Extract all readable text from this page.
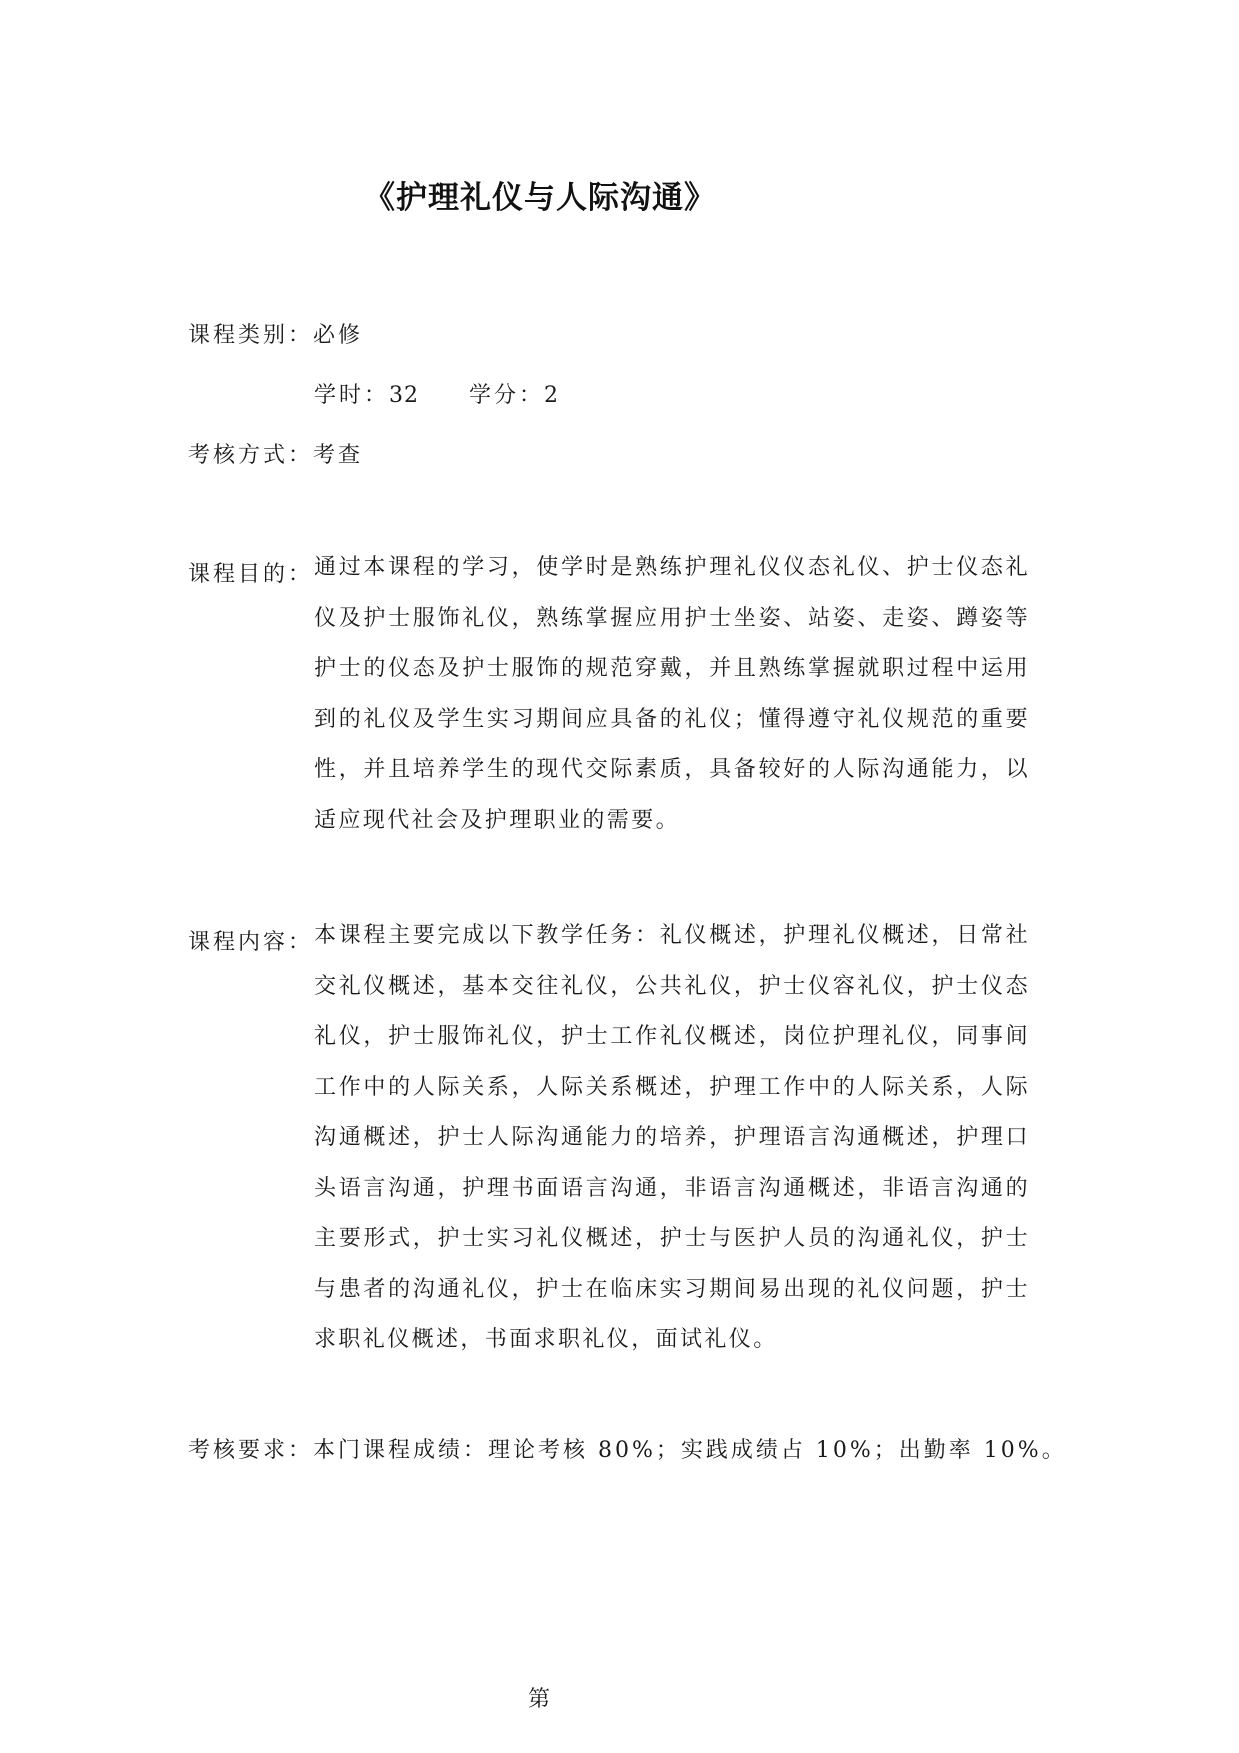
《护理礼仪与人际沟通》
课程类别：必修
学时：32 学分：2
考核方式：考查
课程目的： 通过本课程的学习，使学时是熟练护理礼仪仪态礼仪、护士仪态礼仪及护士服饰礼仪，熟练掌握应用护士坐姿、站姿、走姿、蹲姿等护士的仪态及护士服饰的规范穿戴，并且熟练掌握就职过程中运用到的礼仪及学生实习期间应具备的礼仪；懂得遵守礼仪规范的重要性，并且培养学生的现代交际素质，具备较好的人际沟通能力，以适应现代社会及护理职业的需要。
课程内容： 本课程主要完成以下教学任务：礼仪概述，护理礼仪概述，日常社交礼仪概述，基本交往礼仪，公共礼仪，护士仪容礼仪，护士仪态礼仪，护士服饰礼仪，护士工作礼仪概述，岗位护理礼仪，同事间工作中的人际关系，人际关系概述，护理工作中的人际关系，人际沟通概述，护士人际沟通能力的培养，护理语言沟通概述，护理口头语言沟通，护理书面语言沟通，非语言沟通概述，非语言沟通的主要形式，护士实习礼仪概述，护士与医护人员的沟通礼仪，护士与患者的沟通礼仪，护士在临床实习期间易出现的礼仪问题，护士求职礼仪概述，书面求职礼仪，面试礼仪。
考核要求：本门课程成绩：理论考核 80%；实践成绩占 10%；出勤率 10%。
第
